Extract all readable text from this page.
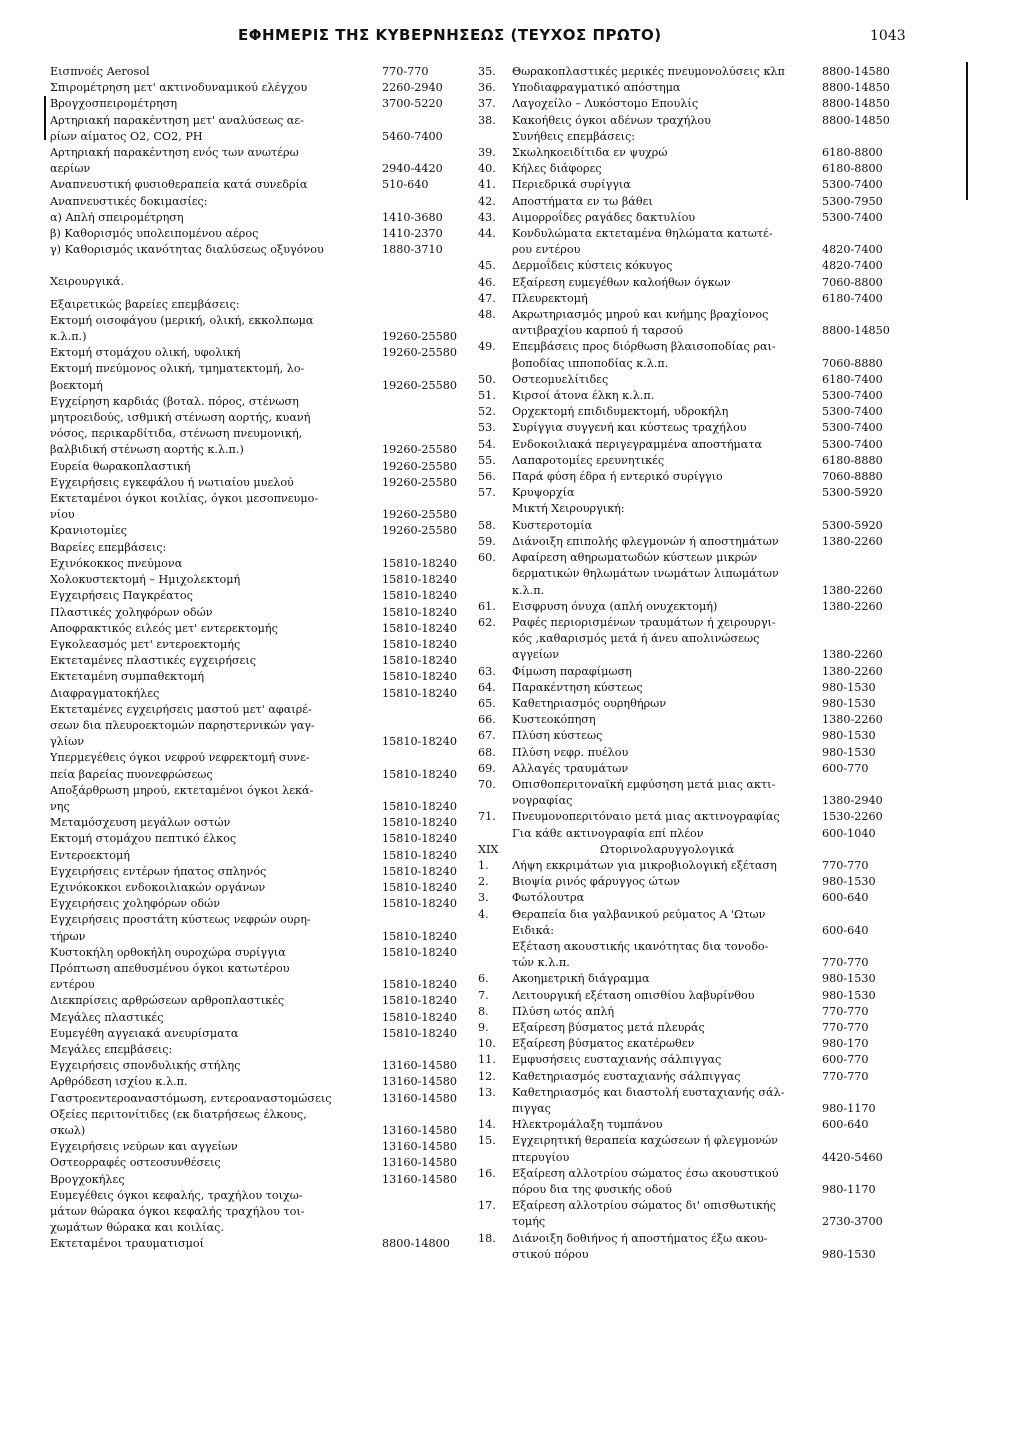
ΕΦΗΜΕΡΙΣ ΤΗΣ ΚΥΒΕΡΝΗΣΕΩΣ (ΤΕΥΧΟΣ ΠΡΩΤΟ)	1043
Εισπνοές Aerosol	770-770
Σπιρομέτρηση μετ' ακτινοδυναμικού ελέγχου	2260-2940
Βρογχοσπειρομέτρηση	3700-5220
Αρτηριακή παρακέντηση μετ' αναλύσεως αε-
ρίων αίματος Ο2, CO2, PH	5460-7400
Αρτηριακή παρακέντηση ενός των ανωτέρω
αερίων	2940-4420
Αναπνευστική φυσιοθεραπεία κατά συνεδρία	510-640
Αναπνευστικές δοκιμασίες:
α) Απλή σπειρομέτρηση	1410-3680
β) Καθορισμός υπολειπομένου αέρος	1410-2370
γ) Καθορισμός ικανότητας διαλύσεως οξυγόνου	1880-3710
Χειρουργικά.
Εξαιρετικώς βαρείες επεμβάσεις:
Εκτομή οισοφάγου (μερική, ολική, εκκολπωμα
κ.λ.π.)	19260-25580
Εκτομή στομάχου ολική, υφολική	19260-25580
Εκτομή πνεύμονος ολική, τμηματεκτομή, λο-
βοεκτομή	19260-25580
Εγχείρηση καρδιάς (βοταλ. πόρος, στένωση
μητροειδούς, ισθμική στένωση αορτής, κυανή
νόσος, περικαρδίτιδα, στένωση πνευμονική,
βαλβιδική στένωση αορτής κ.λ.π.)	19260-25580
Ευρεία θωρακοπλαστική	19260-25580
Εγχειρήσεις εγκεφάλου ή νωτιαίου μυελού	19260-25580
Εκτεταμένοι όγκοι κοιλίας, όγκοι μεσοπνευμο-
νίου	19260-25580
Κρανιοτομίες	19260-25580
Βαρείες επεμβάσεις:
Εχινόκοκκος πνεύμονα	15810-18240
Χολοκυστεκτομή – Ημιχολεκτομή	15810-18240
Εγχειρήσεις Παγκρέατος	15810-18240
Πλαστικές χοληφόρων οδών	15810-18240
Αποφρακτικός ειλεός μετ' εντερεκτομής	15810-18240
Εγκολεασμός μετ' εντεροεκτομής	15810-18240
Εκτεταμένες πλαστικές εγχειρήσεις	15810-18240
Εκτεταμένη συμπαθεκτομή	15810-18240
Διαφραγματοκήλες	15810-18240
Εκτεταμένες εγχειρήσεις μαστού μετ' αφαιρέ-
σεων δια πλευροεκτομών παρηστερνικών γαγ-
γλίων	15810-18240
Υπερμεγέθεις όγκοι νεφρού νεφρεκτομή συνε-
πεία βαρείας πυονεφρώσεως	15810-18240
Αποξάρθρωση μηρού, εκτεταμένοι όγκοι λεκά-
νης	15810-18240
Μεταμόσχευση μεγάλων οστών	15810-18240
Εκτομή στομάχου πεπτικό έλκος	15810-18240
Εντεροεκτομή	15810-18240
Εγχειρήσεις εντέρων ήπατος σπληνός	15810-18240
Εχινόκοκκοι ενδοκοιλιακών οργάνων	15810-18240
Εγχειρήσεις χοληφόρων οδών	15810-18240
Εγχειρήσεις προστάτη κύστεως νεφρών ουρη-
τήρων	15810-18240
Κυστοκήλη ορθοκήλη ουροχώρα συρίγγια	15810-18240
Πρόπτωση απεθυσμένου όγκοι κατωτέρου
εντέρου	15810-18240
Διεκπρίσεις αρθρώσεων αρθροπλαστικές	15810-18240
Μεγάλες πλαστικές	15810-18240
Ευμεγέθη αγγειακά ανευρίσματα	15810-18240
Μεγάλες επεμβάσεις:
Εγχειρήσεις σπονδυλικής στήλης	13160-14580
Αρθρόδεση ισχίου κ.λ.π.	13160-14580
Γαστροεντεροαναστόμωση, εντεροαναστομώσεις	13160-14580
Οξείες περιτονίτιδες (εκ διατρήσεως έλκους,
σκωλ)	13160-14580
Εγχειρήσεις νεύρων και αγγείων	13160-14580
Οστεορραφές οστεοσυνθέσεις	13160-14580
Βρογχοκήλες	13160-14580
Ευμεγέθεις όγκοι κεφαλής, τραχήλου τοιχω-
μάτων θώρακα όγκοι κεφαλής τραχήλου τοι-
χωμάτων θώρακα και κοιλίας.
Εκτεταμένοι τραυματισμοί	8800-14800
35.	Θωρακοπλαστικές μερικές πνευμονολύσεις κλπ	8800-14580
36.	Υποδιαφραγματικό απόστημα	8800-14850
37.	Λαγοχείλο – Λυκόστομο Επουλίς	8800-14850
38.	Κακοήθεις όγκοι αδένων τραχήλου	8800-14850
Συνήθεις επεμβάσεις:
39.	Σκωληκοειδίτιδα εν ψυχρώ	6180-8800
40.	Κήλες διάφορες	6180-8800
41.	Περιεδρικά συρίγγια	5300-7400
42.	Αποστήματα εν τω βάθει	5300-7950
43.	Αιμορροΐδες ραγάδες δακτυλίου	5300-7400
44.	Κονδυλώματα εκτεταμένα θηλώματα κατωτέ-
ρου εντέρου	4820-7400
45.	Δερμοΐδεις κύστεις κόκυγος	4820-7400
46.	Εξαίρεση ευμεγέθων καλοήθων όγκων	7060-8800
47.	Πλευρεκτομή	6180-7400
48.	Ακρωτηριασμός μηρού και κνήμης βραχίονος
αντιβραχίου καρπού ή ταρσού	8800-14850
49.	Επεμβάσεις προς διόρθωση βλαισοποδίας ραι-
βοποδίας ιπποποδίας κ.λ.π.	7060-8880
50.	Οστεομυελίτιδες	6180-7400
51.	Κιρσοί άτονα έλκη κ.λ.π.	5300-7400
52.	Ορχεκτομή επιδιδυμεκτομή, υδροκήλη	5300-7400
53.	Συρίγγια συγγενή και κύστεως τραχήλου	5300-7400
54.	Ενδοκοιλιακά περιγεγραμμένα αποστήματα	5300-7400
55.	Λαπαροτομίες ερευνητικές	6180-8880
56.	Παρά φύση έδρα ή εντερικό συρίγγιο	7060-8880
57.	Κρυψορχία	5300-5920
Μικτή Χειρουργική:
58.	Κυστεροτομία	5300-5920
59.	Διάνοιξη επιπολής φλεγμονών ή αποστημάτων	1380-2260
60.	Αφαίρεση αθηρωματωδών κύστεων μικρών
δερματικών θηλωμάτων ινωμάτων λιπωμάτων
κ.λ.π.	1380-2260
61.	Εισφρυση όνυχα (απλή ονυχεκτομή)	1380-2260
62.	Ραφές περιορισμένων τραυμάτων ή χειρουργι-
κός ,καθαρισμός μετά ή άνευ απολινώσεως
αγγείων	1380-2260
63.	Φίμωση παραφίμωση	1380-2260
64.	Παρακέντηση κύστεως	980-1530
65.	Καθετηριασμός ουρηθήρων	980-1530
66.	Κυστεοκόπηση	1380-2260
67.	Πλύση κύστεως	980-1530
68.	Πλύση νεφρ. πυέλου	980-1530
69.	Αλλαγές τραυμάτων	600-770
70.	Οπισθοπεριτοναϊκή εμφύσηση μετά μιας ακτι-
νογραφίας	1380-2940
71.	Πνευμονοπεριτόναιο μετά μιας ακτινογραφίας	1530-2260
Για κάθε ακτινογραφία επί πλέον	600-1040
XIX	Ωτορινολαρυγγολογικά
1.	Λήψη εκκριμάτων για μικροβιολογική εξέταση	770-770
2.	Βιοψία ρινός φάρυγγος ώτων	980-1530
3.	Φωτόλουτρα	600-640
4.	Θεραπεία δια γαλβανικού ρεύματος Α 'Ωτων
Ειδικά:	600-640
Εξέταση ακουστικής ικανότητας δια τονοδο-
τών κ.λ.π.	770-770
6.	Ακοημετρική διάγραμμα	980-1530
7.	Λειτουργική εξέταση οπισθίου λαβυρίνθου	980-1530
8.	Πλύση ωτός απλή	770-770
9.	Εξαίρεση βύσματος μετά πλευράς	770-770
10.	Εξαίρεση βύσματος εκατέρωθεν	980-170
11.	Εμφυσήσεις ευσταχιανής σάλπιγγας	600-770
12.	Καθετηριασμός ευσταχιανής σάλπιγγας	770-770
13.	Καθετηριασμός και διαστολή ευσταχιανής σάλ-
πιγγας	980-1170
14.	Ηλεκτρομάλαξη τυμπάνου	600-640
15.	Εγχειρητική θεραπεία καχώσεων ή φλεγμονών
πτερυγίου	4420-5460
16.	Εξαίρεση αλλοτρίου σώματος έσω ακουστικού
πόρου δια της φυσικής οδού	980-1170
17.	Εξαίρεση αλλοτρίου σώματος δι' οπισθωτικής
τομής	2730-3700
18.	Διάνοιξη δοθιήνος ή αποστήματος έξω ακου-
στικού πόρου	980-1530
